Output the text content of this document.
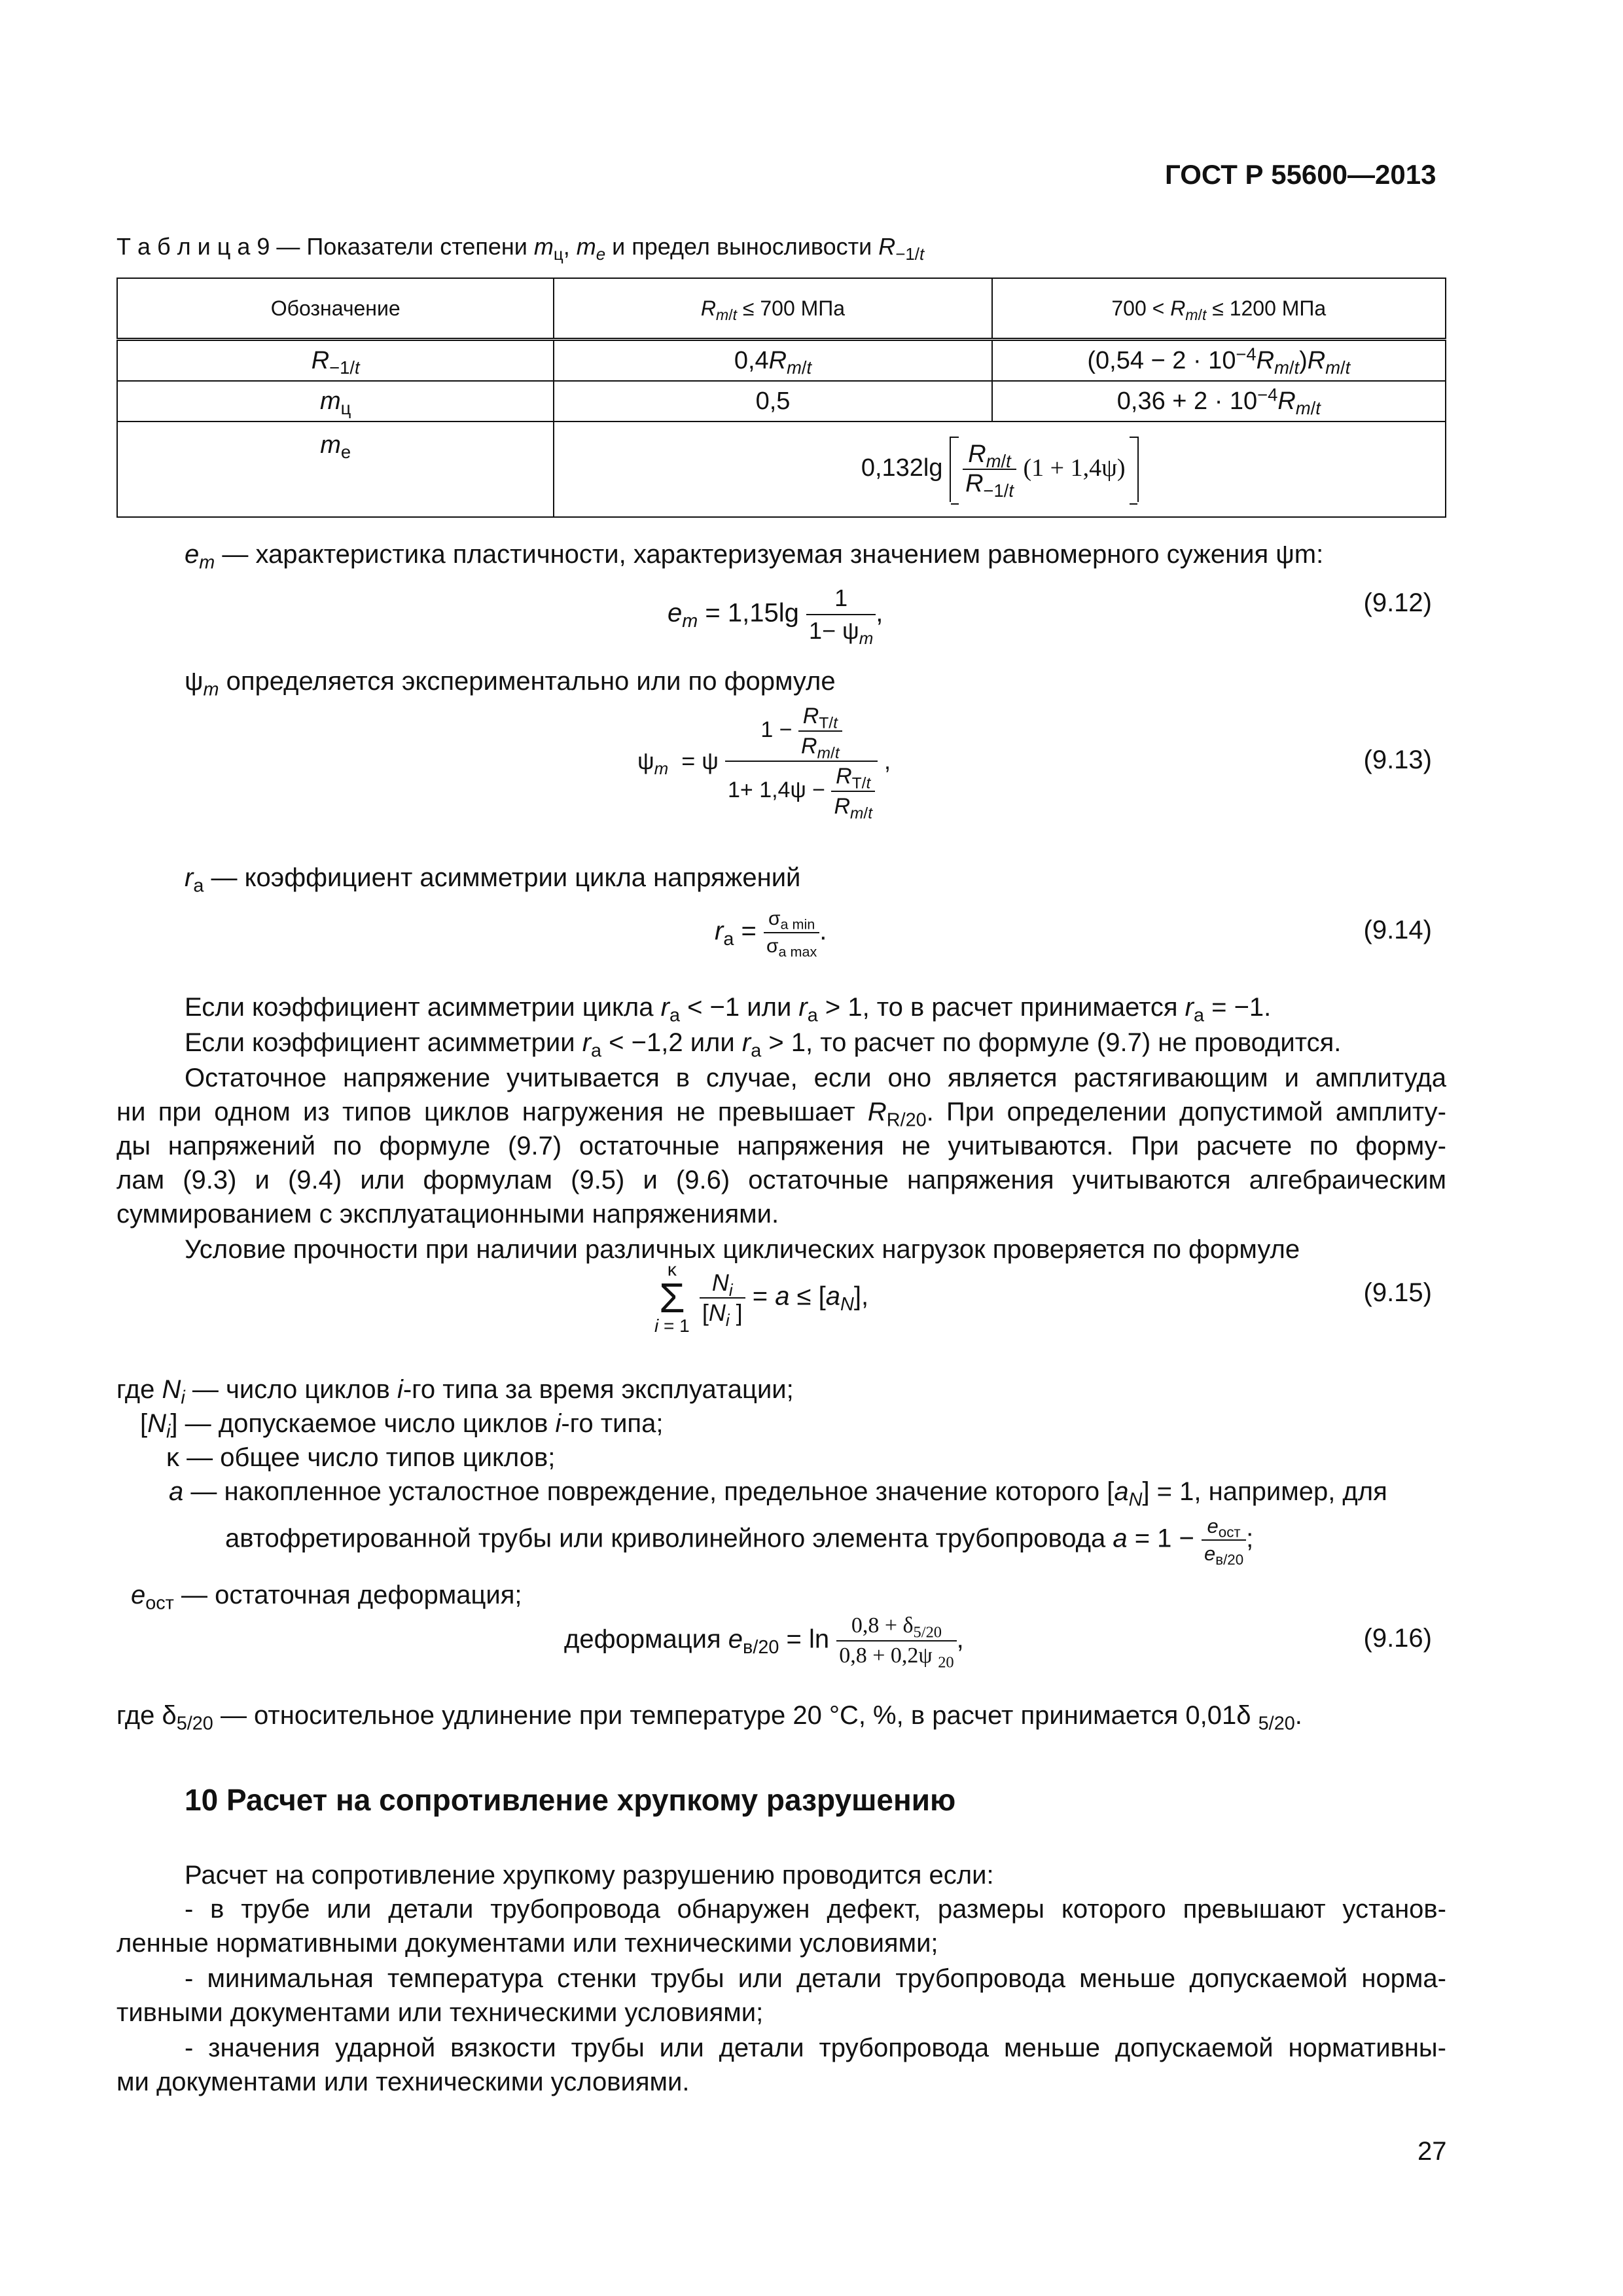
ГОСТ Р 55600—2013
Т а б л и ц а 9 — Показатели степени $m_ц$, $m_e$ и предел выносливости $R_{-1/t}$
Обозначение	$R_{m/t} \le 700$ МПа	$700 < R_{m/t} \le 1200$ МПа
$R_{-1/t}$	$0,4R_{m/t}$	$(0,54 - 2 \cdot 10^{-4}R_{m/t})R_{m/t}$
$m_ц$	0,5	$0,36 + 2 \cdot 10^{-4}R_{m/t}$
$m_e$	$0,132\lg \frac{R_{m/t}}{R_{-1/t}} (1 + 1,4\psi)$	
$e_m$ — характеристика пластичности, характеризуемая значением равномерного сужения ψm:
$e_m = 1,15\lg \frac{1}{1- \psi_m}$ ,	(9.12)
$\psi_m$ определяется экспериментально или по формуле
$\psi_m = \psi \frac{1 - \frac{R_{T/t}}{R_{m/t}}}{1+ 1,4\psi - \frac{R_{T/t}}{R_{m/t}}}$ ,	(9.13)
$r_a$ — коэффициент асимметрии цикла напряжений
$r_a = \frac{\sigma_{a min}}{\sigma_{a max}}$ .	(9.14)
Если коэффициент асимметрии цикла $r_a < -1$ или $r_a > 1$, то в расчет принимается $r_a = -1$.
Если коэффициент асимметрии $r_a < -1,2$ или $r_a > 1$, то расчет по формуле (9.7) не проводится.
Остаточное напряжение учитывается в случае, если оно является растягивающим и амплитуда
ни при одном из типов циклов нагружения не превышает $R_{R/20}$. При определении допустимой амплиту-
ды напряжений по формуле (9.7) остаточные напряжения не учитываются. При расчете по форму-
лам (9.3) и (9.4) или формулам (9.5) и (9.6) остаточные напряжения учитываются алгебраическим
суммированием с эксплуатационными напряжениями.
Условие прочности при наличии различных циклических нагрузок проверяется по формуле
κ
Σ
i = 1
$\frac{N_i}{[N_i ]} = a \le [a_N]$,	(9.15)
где $N_i$ — число циклов i-го типа за время эксплуатации;
$[N_i]$ — допускаемое число циклов i-го типа;
κ — общее число типов циклов;
a — накопленное усталостное повреждение, предельное значение которого $[a_N] = 1$, например, для
автофретированной трубы или криволинейного элемента трубопровода $a = 1 - \frac{e_{ост}}{e_{в/20}}$ ;
$e_{ост}$ — остаточная деформация;
деформация $e_{в/20} = \ln \frac{0,8 + \delta_{5/20}}{0,8 + 0,2\psi _{20}}$ ,	(9.16)
где $\delta_{5/20}$ — относительное удлинение при температуре 20 °С, %, в расчет принимается 0,01δ $_{5/20}$.
10 Расчет на сопротивление хрупкому разрушению
Расчет на сопротивление хрупкому разрушению проводится если:
- в трубе или детали трубопровода обнаружен дефект, размеры которого превышают установ-
ленные нормативными документами или техническими условиями;
- минимальная температура стенки трубы или детали трубопровода меньше допускаемой норма-
тивными документами или техническими условиями;
- значения ударной вязкости трубы или детали трубопровода меньше допускаемой нормативны-
ми документами или техническими условиями.
27
